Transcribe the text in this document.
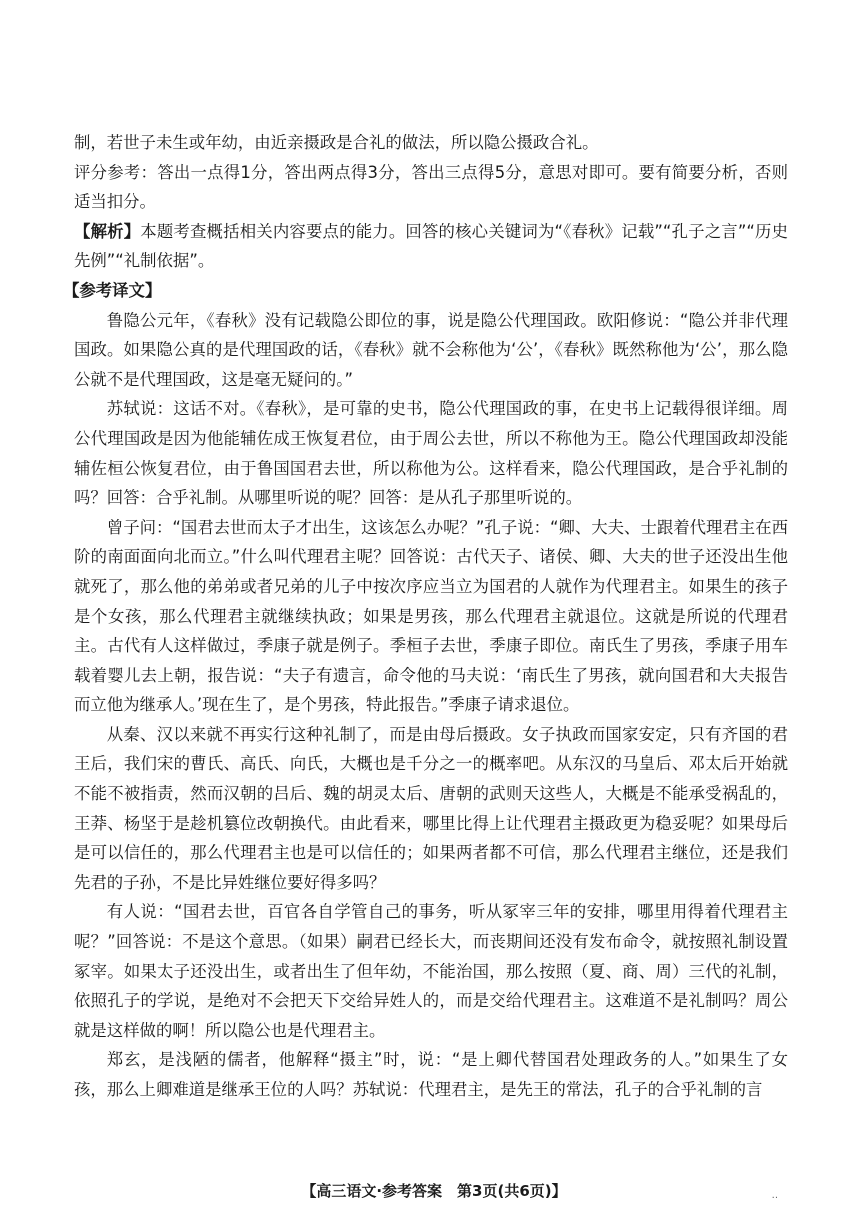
制，若世子未生或年幼，由近亲摄政是合礼的做法，所以隐公摄政合礼。

评分参考：答出一点得1分，答出两点得3分，答出三点得5分，意思对即可。要有简要分析，否则适当扣分。

【解析】本题考查概括相关内容要点的能力。回答的核心关键词为“《春秋》记载”“孔子之言”“历史先例”“礼制依据”。

【参考译文】

鲁隐公元年，《春秋》没有记载隐公即位的事，说是隐公代理国政。欧阳修说：“隐公并非代理国政。如果隐公真的是代理国政的话，《春秋》就不会称他为‘公’，《春秋》既然称他为‘公’，那么隐公就不是代理国政，这是毫无疑问的。”

苏轼说：这话不对。《春秋》，是可靠的史书，隐公代理国政的事，在史书上记载得很详细。周公代理国政是因为他能辅佐成王恢复君位，由于周公去世，所以不称他为王。隐公代理国政却没能辅佐桓公恢复君位，由于鲁国国君去世，所以称他为公。这样看来，隐公代理国政，是合乎礼制的吗？回答：合乎礼制。从哪里听说的呢？回答：是从孔子那里听说的。

曾子问：“国君去世而太子才出生，这该怎么办呢？”孔子说：“卿、大夫、士跟着代理君主在西阶的南面面向北而立。”什么叫代理君主呢？回答说：古代天子、诸侯、卿、大夫的世子还没出生他就死了，那么他的弟弟或者兄弟的儿子中按次序应当立为国君的人就作为代理君主。如果生的孩子是个女孩，那么代理君主就继续执政；如果是男孩，那么代理君主就退位。这就是所说的代理君主。古代有人这样做过，季康子就是例子。季桓子去世，季康子即位。南氏生了男孩，季康子用车载着婴儿去上朝，报告说：“夫子有遗言，命令他的马夫说：‘南氏生了男孩，就向国君和大夫报告而立他为继承人。’现在生了，是个男孩，特此报告。”季康子请求退位。

从秦、汉以来就不再实行这种礼制了，而是由母后摄政。女子执政而国家安定，只有齐国的君王后，我们宋的曹氏、高氏、向氏，大概也是千分之一的概率吧。从东汉的马皇后、邓太后开始就不能不被指责，然而汉朝的吕后、魏的胡灵太后、唐朝的武则天这些人，大概是不能承受祸乱的，王莽、杨坚于是趁机篡位改朝换代。由此看来，哪里比得上让代理君主摄政更为稳妥呢？如果母后是可以信任的，那么代理君主也是可以信任的；如果两者都不可信，那么代理君主继位，还是我们先君的子孙，不是比异姓继位要好得多吗？

有人说：“国君去世，百官各自学管自己的事务，听从冢宰三年的安排，哪里用得着代理君主呢？”回答说：不是这个意思。（如果）嗣君已经长大，而丧期间还没有发布命令，就按照礼制设置冢宰。如果太子还没出生，或者出生了但年幼，不能治国，那么按照（夏、商、周）三代的礼制，依照孔子的学说，是绝对不会把天下交给异姓人的，而是交给代理君主。这难道不是礼制吗？周公就是这样做的啊！所以隐公也是代理君主。

郑玄，是浅陋的儒者，他解释“摄主”时，说：“是上卿代替国君处理政务的人。”如果生了女孩，那么上卿难道是继承王位的人吗？苏轼说：代理君主，是先王的常法，孔子的合乎礼制的言

【高三语文·参考答案　第3页(共6页)】	..
